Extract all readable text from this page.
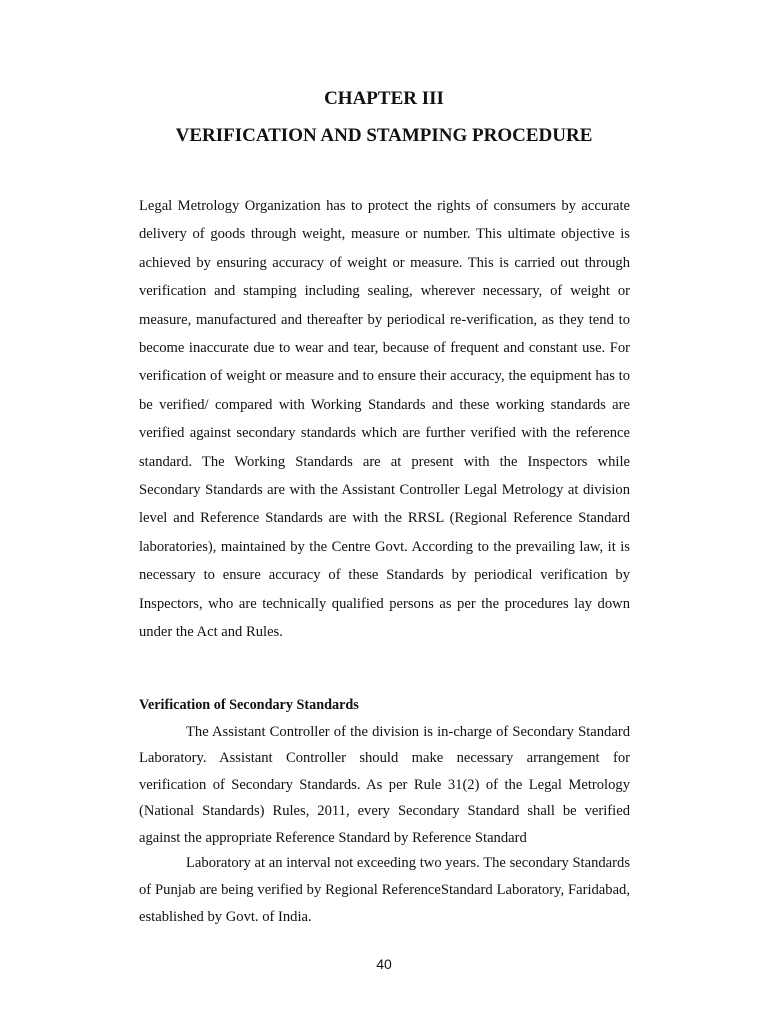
CHAPTER III
VERIFICATION AND STAMPING PROCEDURE

Legal Metrology Organization has to protect the rights of consumers by accurate delivery of goods through weight, measure or number. This ultimate objective is achieved by ensuring accuracy of weight or measure. This is carried out through verification and stamping including sealing, wherever necessary, of weight or measure, manufactured and thereafter by periodical re-verification, as they tend to become inaccurate due to wear and tear, because of frequent and constant use. For verification of weight or measure and to ensure their accuracy, the equipment has to be verified/ compared with Working Standards and these working standards are verified against secondary standards which are further verified with the reference standard. The Working Standards are at present with the Inspectors while Secondary Standards are with the Assistant Controller Legal Metrology at division level and Reference Standards are with the RRSL (Regional Reference Standard laboratories), maintained by the Centre Govt. According to the prevailing law, it is necessary to ensure accuracy of these Standards by periodical verification by Inspectors, who are technically qualified persons as per the procedures lay down under the Act and Rules.

Verification of Secondary Standards

The Assistant Controller of the division is in-charge of Secondary Standard Laboratory. Assistant Controller should make necessary arrangement for verification of Secondary Standards. As per Rule 31(2) of the Legal Metrology (National Standards) Rules, 2011, every Secondary Standard shall be verified against the appropriate Reference Standard by Reference Standard

Laboratory at an interval not exceeding two years. The secondary Standards of Punjab are being verified by Regional ReferenceStandard Laboratory, Faridabad, established by Govt. of India.

40
